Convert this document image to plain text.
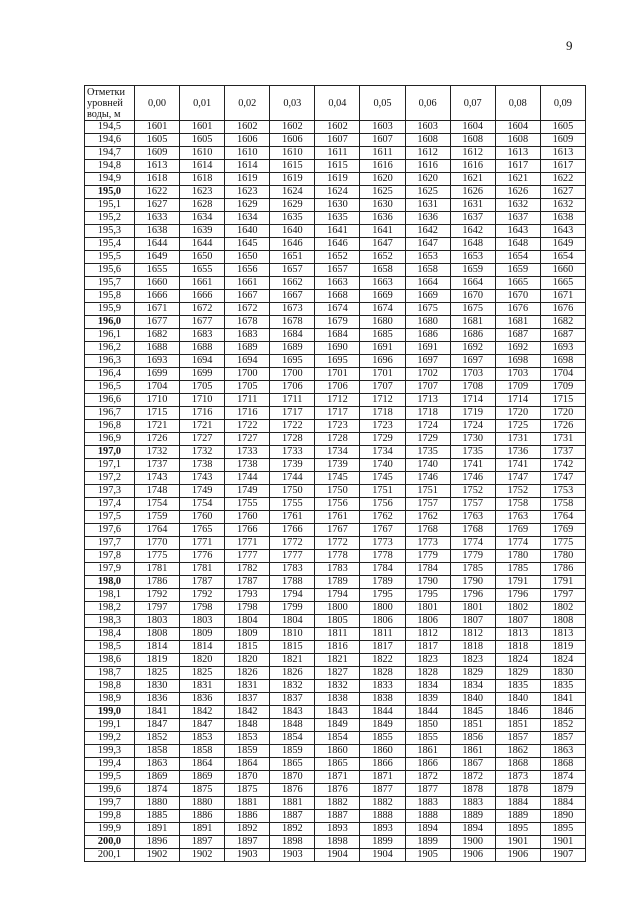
9
Отметки уровней воды, м	0,00	0,01	0,02	0,03	0,04	0,05	0,06	0,07	0,08	0,09
194,5	1601	1601	1602	1602	1602	1603	1603	1604	1604	1605
194,6	1605	1605	1606	1606	1607	1607	1608	1608	1608	1609
194,7	1609	1610	1610	1610	1611	1611	1612	1612	1613	1613
194,8	1613	1614	1614	1615	1615	1616	1616	1616	1617	1617
194,9	1618	1618	1619	1619	1619	1620	1620	1621	1621	1622
195,0	1622	1623	1623	1624	1624	1625	1625	1626	1626	1627
195,1	1627	1628	1629	1629	1630	1630	1631	1631	1632	1632
195,2	1633	1634	1634	1635	1635	1636	1636	1637	1637	1638
195,3	1638	1639	1640	1640	1641	1641	1642	1642	1643	1643
195,4	1644	1644	1645	1646	1646	1647	1647	1648	1648	1649
195,5	1649	1650	1650	1651	1652	1652	1653	1653	1654	1654
195,6	1655	1655	1656	1657	1657	1658	1658	1659	1659	1660
195,7	1660	1661	1661	1662	1663	1663	1664	1664	1665	1665
195,8	1666	1666	1667	1667	1668	1669	1669	1670	1670	1671
195,9	1671	1672	1672	1673	1674	1674	1675	1675	1676	1676
196,0	1677	1677	1678	1678	1679	1680	1680	1681	1681	1682
196,1	1682	1683	1683	1684	1684	1685	1686	1686	1687	1687
196,2	1688	1688	1689	1689	1690	1691	1691	1692	1692	1693
196,3	1693	1694	1694	1695	1695	1696	1697	1697	1698	1698
196,4	1699	1699	1700	1700	1701	1701	1702	1703	1703	1704
196,5	1704	1705	1705	1706	1706	1707	1707	1708	1709	1709
196,6	1710	1710	1711	1711	1712	1712	1713	1714	1714	1715
196,7	1715	1716	1716	1717	1717	1718	1718	1719	1720	1720
196,8	1721	1721	1722	1722	1723	1723	1724	1724	1725	1726
196,9	1726	1727	1727	1728	1728	1729	1729	1730	1731	1731
197,0	1732	1732	1733	1733	1734	1734	1735	1735	1736	1737
197,1	1737	1738	1738	1739	1739	1740	1740	1741	1741	1742
197,2	1743	1743	1744	1744	1745	1745	1746	1746	1747	1747
197,3	1748	1749	1749	1750	1750	1751	1751	1752	1752	1753
197,4	1754	1754	1755	1755	1756	1756	1757	1757	1758	1758
197,5	1759	1760	1760	1761	1761	1762	1762	1763	1763	1764
197,6	1764	1765	1766	1766	1767	1767	1768	1768	1769	1769
197,7	1770	1771	1771	1772	1772	1773	1773	1774	1774	1775
197,8	1775	1776	1777	1777	1778	1778	1779	1779	1780	1780
197,9	1781	1781	1782	1783	1783	1784	1784	1785	1785	1786
198,0	1786	1787	1787	1788	1789	1789	1790	1790	1791	1791
198,1	1792	1792	1793	1794	1794	1795	1795	1796	1796	1797
198,2	1797	1798	1798	1799	1800	1800	1801	1801	1802	1802
198,3	1803	1803	1804	1804	1805	1806	1806	1807	1807	1808
198,4	1808	1809	1809	1810	1811	1811	1812	1812	1813	1813
198,5	1814	1814	1815	1815	1816	1817	1817	1818	1818	1819
198,6	1819	1820	1820	1821	1821	1822	1823	1823	1824	1824
198,7	1825	1825	1826	1826	1827	1828	1828	1829	1829	1830
198,8	1830	1831	1831	1832	1832	1833	1834	1834	1835	1835
198,9	1836	1836	1837	1837	1838	1838	1839	1840	1840	1841
199,0	1841	1842	1842	1843	1843	1844	1844	1845	1846	1846
199,1	1847	1847	1848	1848	1849	1849	1850	1851	1851	1852
199,2	1852	1853	1853	1854	1854	1855	1855	1856	1857	1857
199,3	1858	1858	1859	1859	1860	1860	1861	1861	1862	1863
199,4	1863	1864	1864	1865	1865	1866	1866	1867	1868	1868
199,5	1869	1869	1870	1870	1871	1871	1872	1872	1873	1874
199,6	1874	1875	1875	1876	1876	1877	1877	1878	1878	1879
199,7	1880	1880	1881	1881	1882	1882	1883	1883	1884	1884
199,8	1885	1886	1886	1887	1887	1888	1888	1889	1889	1890
199,9	1891	1891	1892	1892	1893	1893	1894	1894	1895	1895
200,0	1896	1897	1897	1898	1898	1899	1899	1900	1901	1901
200,1	1902	1902	1903	1903	1904	1904	1905	1906	1906	1907
